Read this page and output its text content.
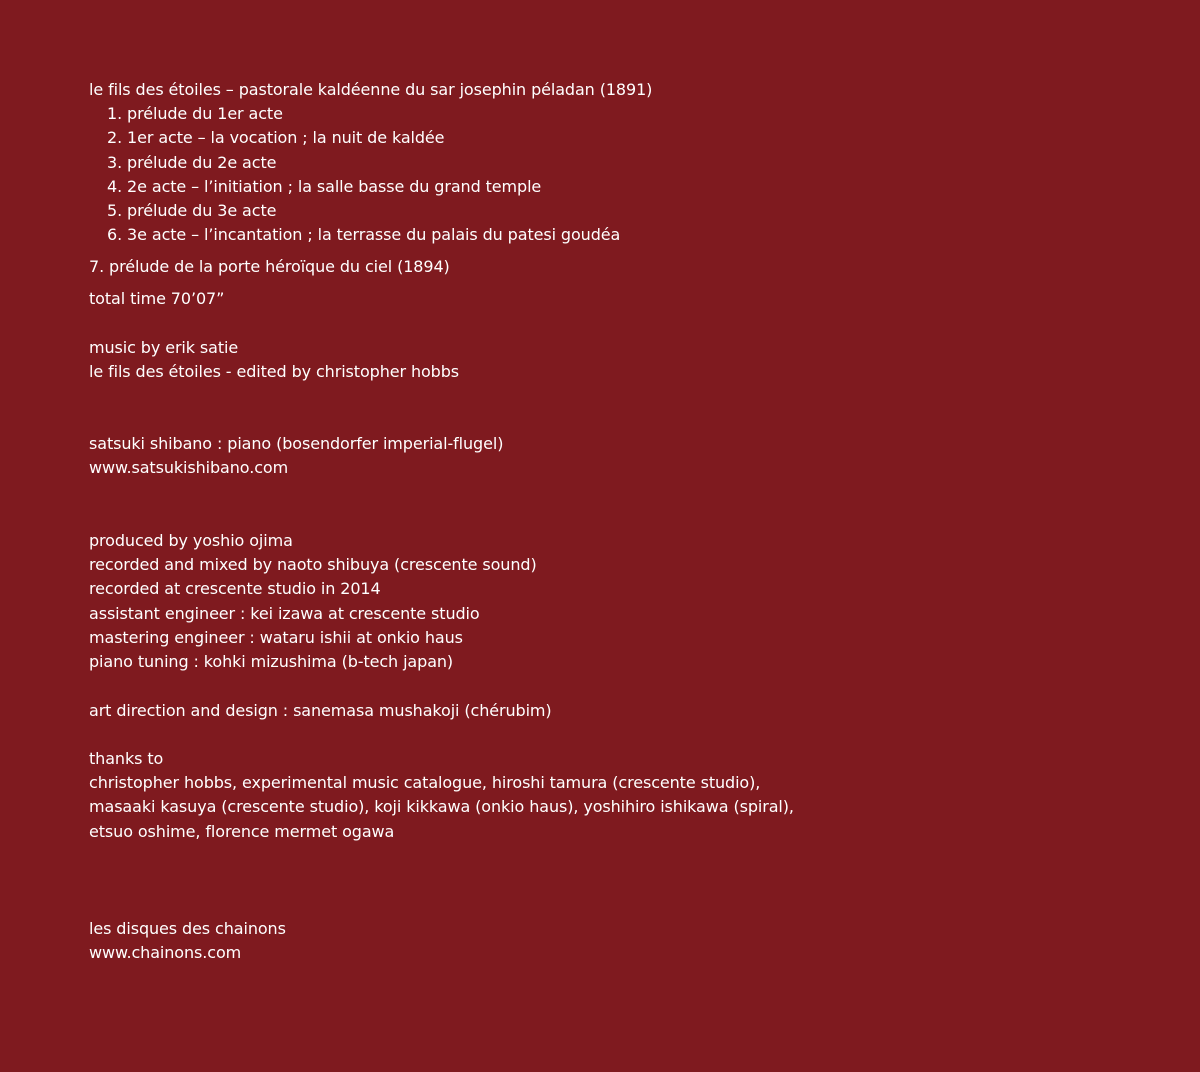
le fils des étoiles – pastorale kaldéenne du sar josephin péladan (1891)
1. prélude du 1er acte
2. 1er acte – la vocation ; la nuit de kaldée
3. prélude du 2e acte
4. 2e acte – l’initiation ; la salle basse du grand temple
5. prélude du 3e acte
6. 3e acte – l’incantation ; la terrasse du palais du patesi goudéa
7. prélude de la porte héroïque du ciel (1894)
total time 70’07”
music by erik satie
le fils des étoiles - edited by christopher hobbs
satsuki shibano : piano (bosendorfer imperial-flugel)
www.satsukishibano.com
produced by yoshio ojima
recorded and mixed by naoto shibuya (crescente sound)
recorded at crescente studio in 2014
assistant engineer : kei izawa at crescente studio
mastering engineer : wataru ishii at onkio haus
piano tuning : kohki mizushima (b-tech japan)
art direction and design : sanemasa mushakoji (chérubim)
thanks to
christopher hobbs, experimental music catalogue, hiroshi tamura (crescente studio),
masaaki kasuya (crescente studio), koji kikkawa (onkio haus), yoshihiro ishikawa (spiral),
etsuo oshime, florence mermet ogawa
les disques des chainons
www.chainons.com
